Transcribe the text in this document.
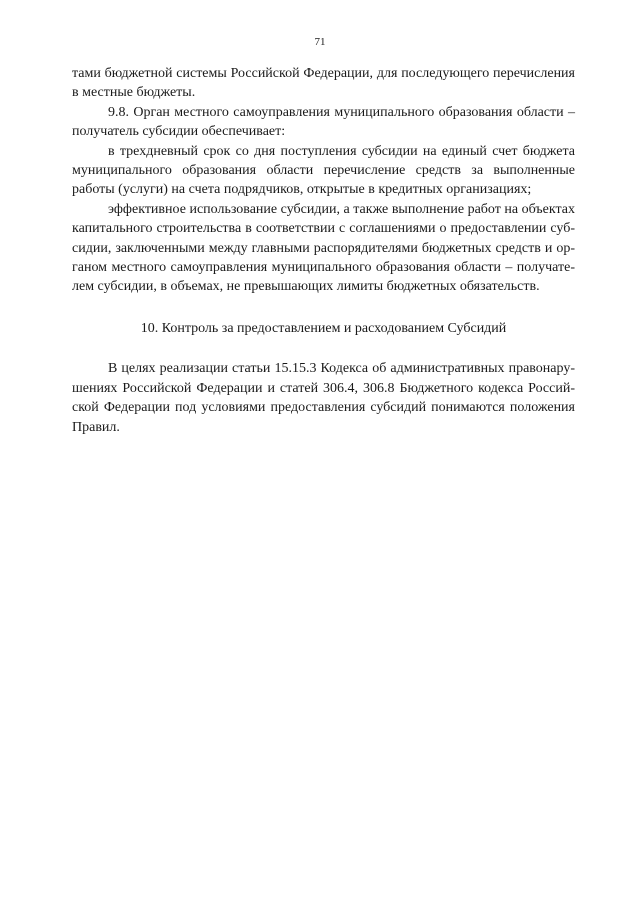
71

тами бюджетной системы Российской Федерации, для последующего перечисления в местные бюджеты.

9.8. Орган местного самоуправления муниципального образования области – получатель субсидии обеспечивает:

в трехдневный срок со дня поступления субсидии на единый счет бюджета муниципального образования области перечисление средств за выполненные работы (услуги) на счета подрядчиков, открытые в кредитных организациях;

эффективное использование субсидии, а также выполнение работ на объектах капитального строительства в соответствии с соглашениями о предоставлении субсидии, заключенными между главными распорядителями бюджетных средств и органом местного самоуправления муниципального образования области – получателем субсидии, в объемах, не превышающих лимиты бюджетных обязательств.

10. Контроль за предоставлением и расходованием Субсидий

В целях реализации статьи 15.15.3 Кодекса об административных правонарушениях Российской Федерации и статей 306.4, 306.8 Бюджетного кодекса Российской Федерации под условиями предоставления субсидий понимаются положения Правил.
